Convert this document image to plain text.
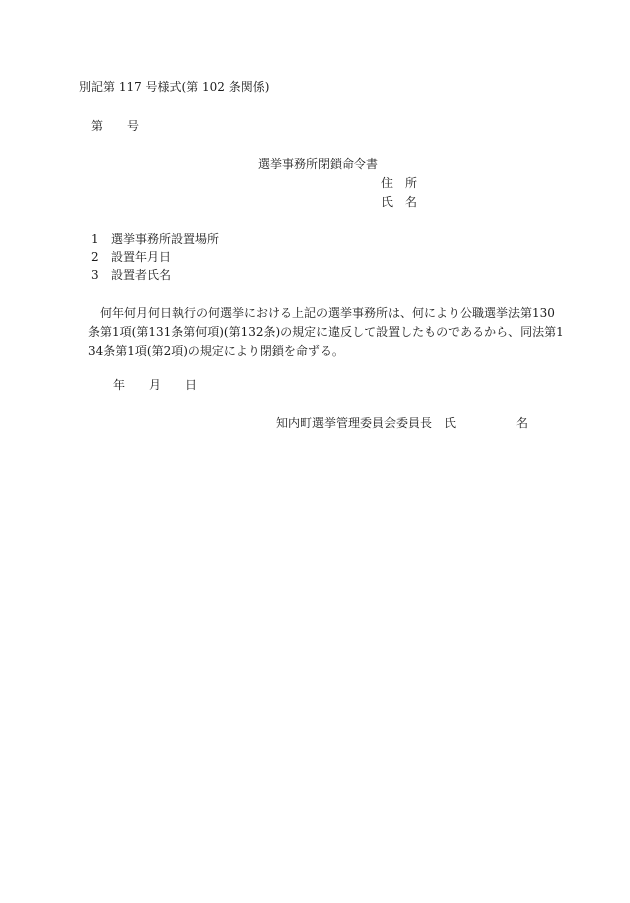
別記第 117 号様式(第 102 条関係)
第　　号
選挙事務所閉鎖命令書
住　所
氏　名
1 選挙事務所設置場所
2 設置年月日
3 設置者氏名
何年何月何日執行の何選挙における上記の選挙事務所は、何により公職選挙法第130
条第1項(第131条第何項)(第132条)の規定に違反して設置したものであるから、同法第1
34条第1項(第2項)の規定により閉鎖を命ずる。
年　　月　　日
知内町選挙管理委員会委員長　氏　　　　　名
